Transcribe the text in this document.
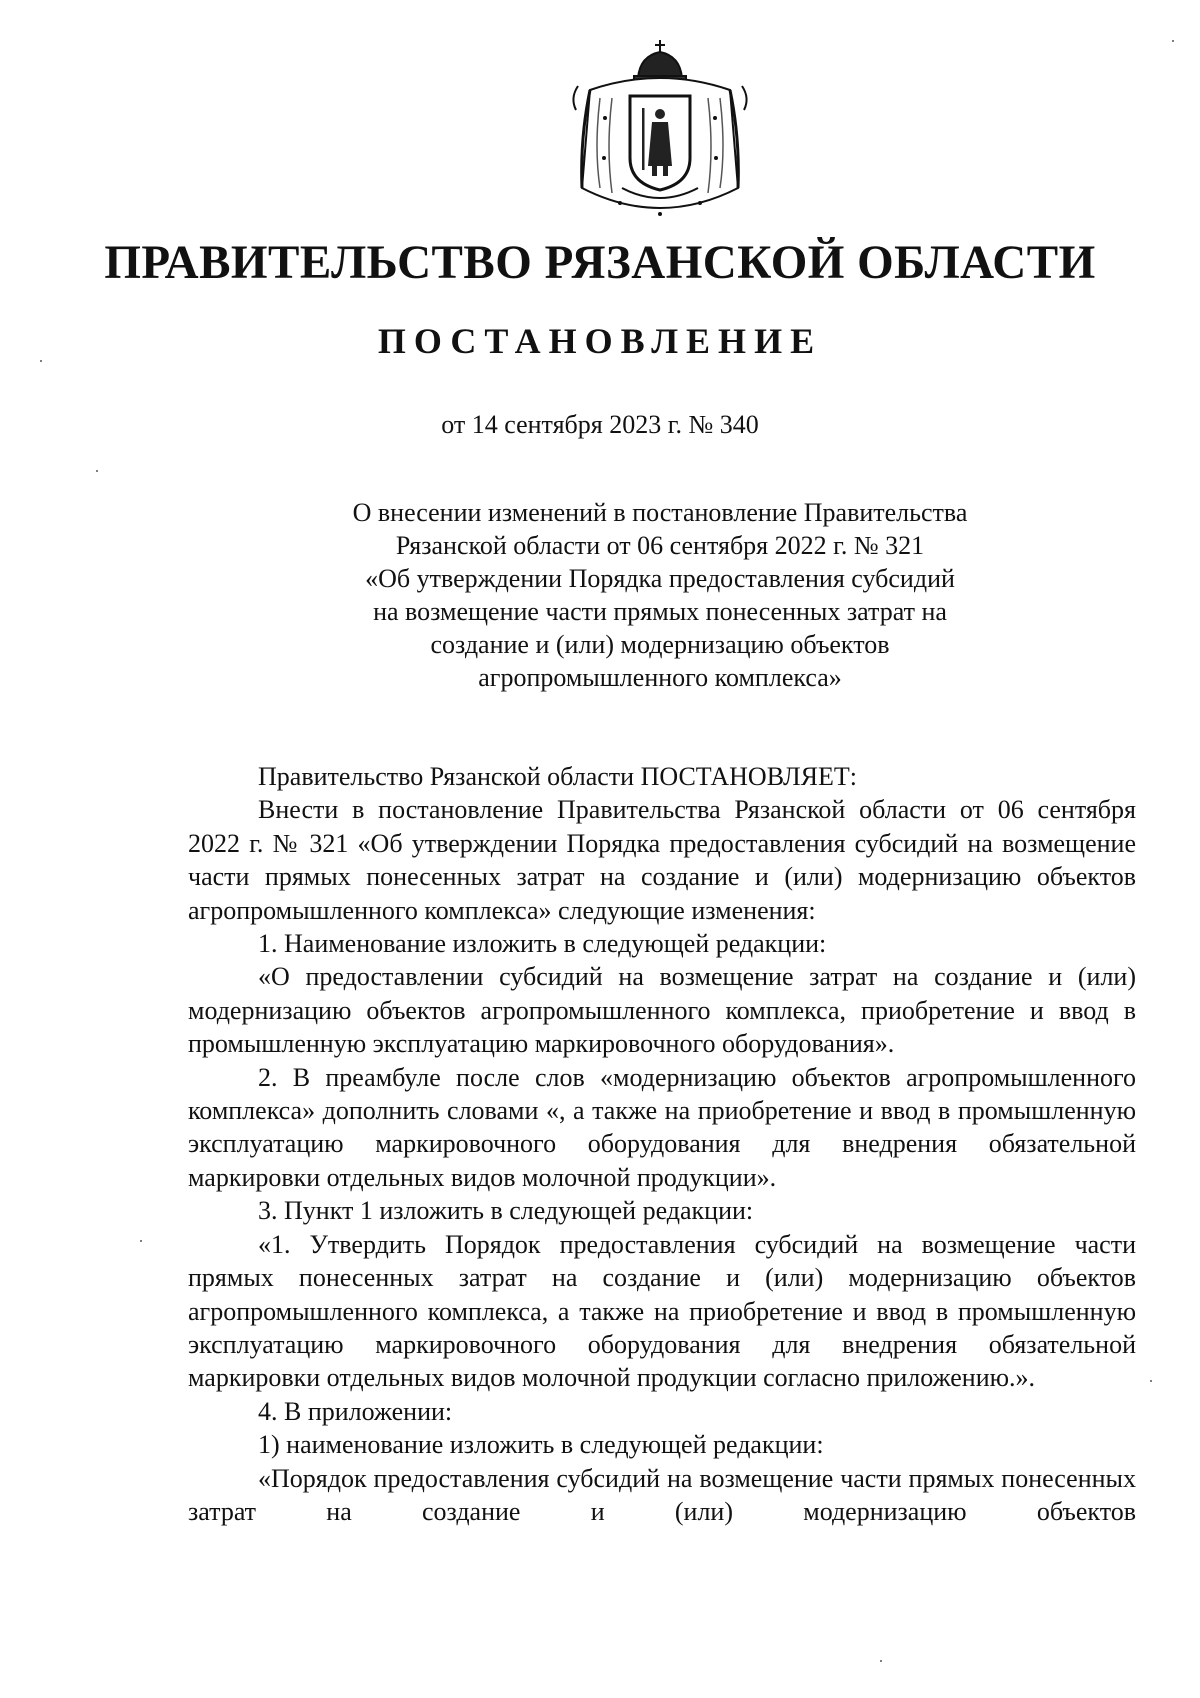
ПРАВИТЕЛЬСТВО РЯЗАНСКОЙ ОБЛАСТИ
ПОСТАНОВЛЕНИЕ
от 14 сентября 2023 г. № 340
О внесении изменений в постановление Правительства
Рязанской области от 06 сентября 2022 г. № 321
«Об утверждении Порядка предоставления субсидий
на возмещение части прямых понесенных затрат на
создание и (или) модернизацию объектов
агропромышленного комплекса»

Правительство Рязанской области ПОСТАНОВЛЯЕТ:

Внести в постановление Правительства Рязанской области от 06 сентября 2022 г. № 321 «Об утверждении Порядка предоставления субсидий на возмещение части прямых понесенных затрат на создание и (или) модернизацию объектов агропромышленного комплекса» следующие изменения:

1. Наименование изложить в следующей редакции:

«О предоставлении субсидий на возмещение затрат на создание и (или) модернизацию объектов агропромышленного комплекса, приобретение и ввод в промышленную эксплуатацию маркировочного оборудования».

2. В преамбуле после слов «модернизацию объектов агропромышленного комплекса» дополнить словами «, а также на приобретение и ввод в промышленную эксплуатацию маркировочного оборудования для внедрения обязательной маркировки отдельных видов молочной продукции».

3. Пункт 1 изложить в следующей редакции:

«1. Утвердить Порядок предоставления субсидий на возмещение части прямых понесенных затрат на создание и (или) модернизацию объектов агропромышленного комплекса, а также на приобретение и ввод в промышленную эксплуатацию маркировочного оборудования для внедрения обязательной маркировки отдельных видов молочной продукции согласно приложению.».

4. В приложении:

1) наименование изложить в следующей редакции:

«Порядок предоставления субсидий на возмещение части прямых понесенных затрат на создание и (или) модернизацию объектов
